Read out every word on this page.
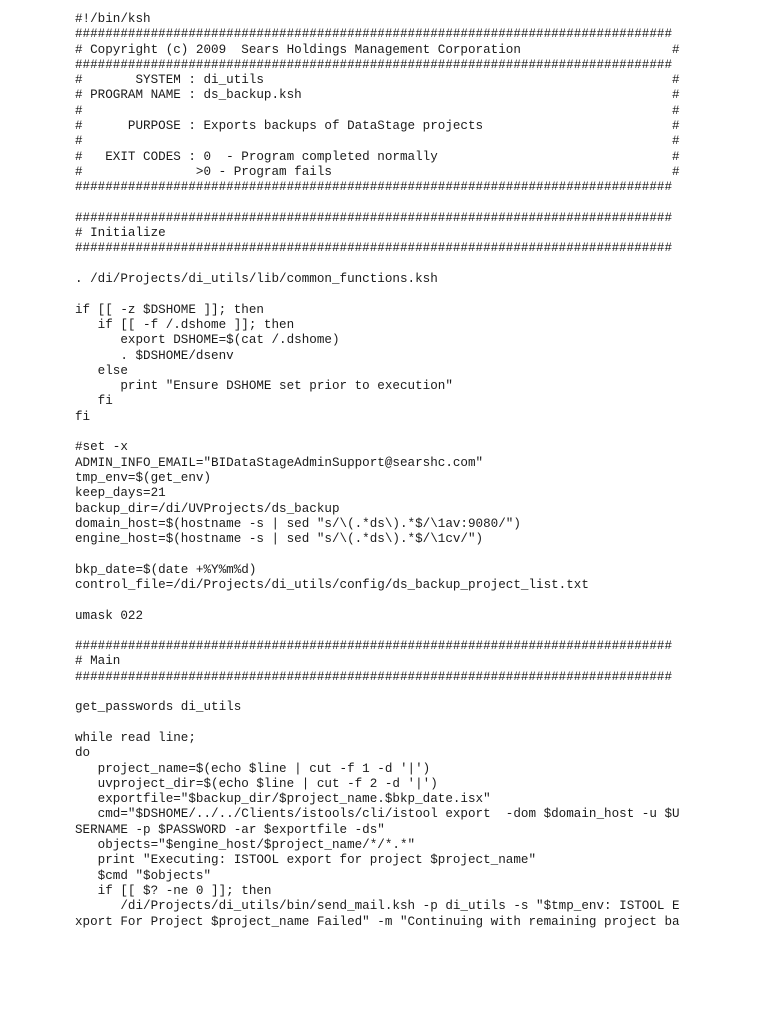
#!/bin/ksh
###############################################################################
# Copyright (c) 2009  Sears Holdings Management Corporation                    #
###############################################################################
#       SYSTEM : di_utils                                                      #
# PROGRAM NAME : ds_backup.ksh                                                 #
#                                                                              #
#      PURPOSE : Exports backups of DataStage projects                         #
#                                                                              #
#   EXIT CODES : 0  - Program completed normally                               #
#               >0 - Program fails                                             #
###############################################################################
###############################################################################
# Initialize
###############################################################################
. /di/Projects/di_utils/lib/common_functions.ksh
if [[ -z $DSHOME ]]; then
if [[ -f /.dshome ]]; then
export DSHOME=$(cat /.dshome)
. $DSHOME/dsenv
else
print "Ensure DSHOME set prior to execution"
fi
fi
#set -x
ADMIN_INFO_EMAIL="BIDataStageAdminSupport@searshc.com"
tmp_env=$(get_env)
keep_days=21
backup_dir=/di/UVProjects/ds_backup
domain_host=$(hostname -s | sed "s/\(.*ds\).*$/\1av:9080/")
engine_host=$(hostname -s | sed "s/\(.*ds\).*$/\1cv/")
bkp_date=$(date +%Y%m%d)
control_file=/di/Projects/di_utils/config/ds_backup_project_list.txt
umask 022
###############################################################################
# Main
###############################################################################
get_passwords di_utils
while read line;
do
project_name=$(echo $line | cut -f 1 -d '|')
uvproject_dir=$(echo $line | cut -f 2 -d '|')
exportfile="$backup_dir/$project_name.$bkp_date.isx"
cmd="$DSHOME/../../Clients/istools/cli/istool export  -dom $domain_host -u $U
SERNAME -p $PASSWORD -ar $exportfile -ds"
objects="$engine_host/$project_name/*/*.*"
print "Executing: ISTOOL export for project $project_name"
$cmd "$objects"
if [[ $? -ne 0 ]]; then
/di/Projects/di_utils/bin/send_mail.ksh -p di_utils -s "$tmp_env: ISTOOL E
xport For Project $project_name Failed" -m "Continuing with remaining project ba
